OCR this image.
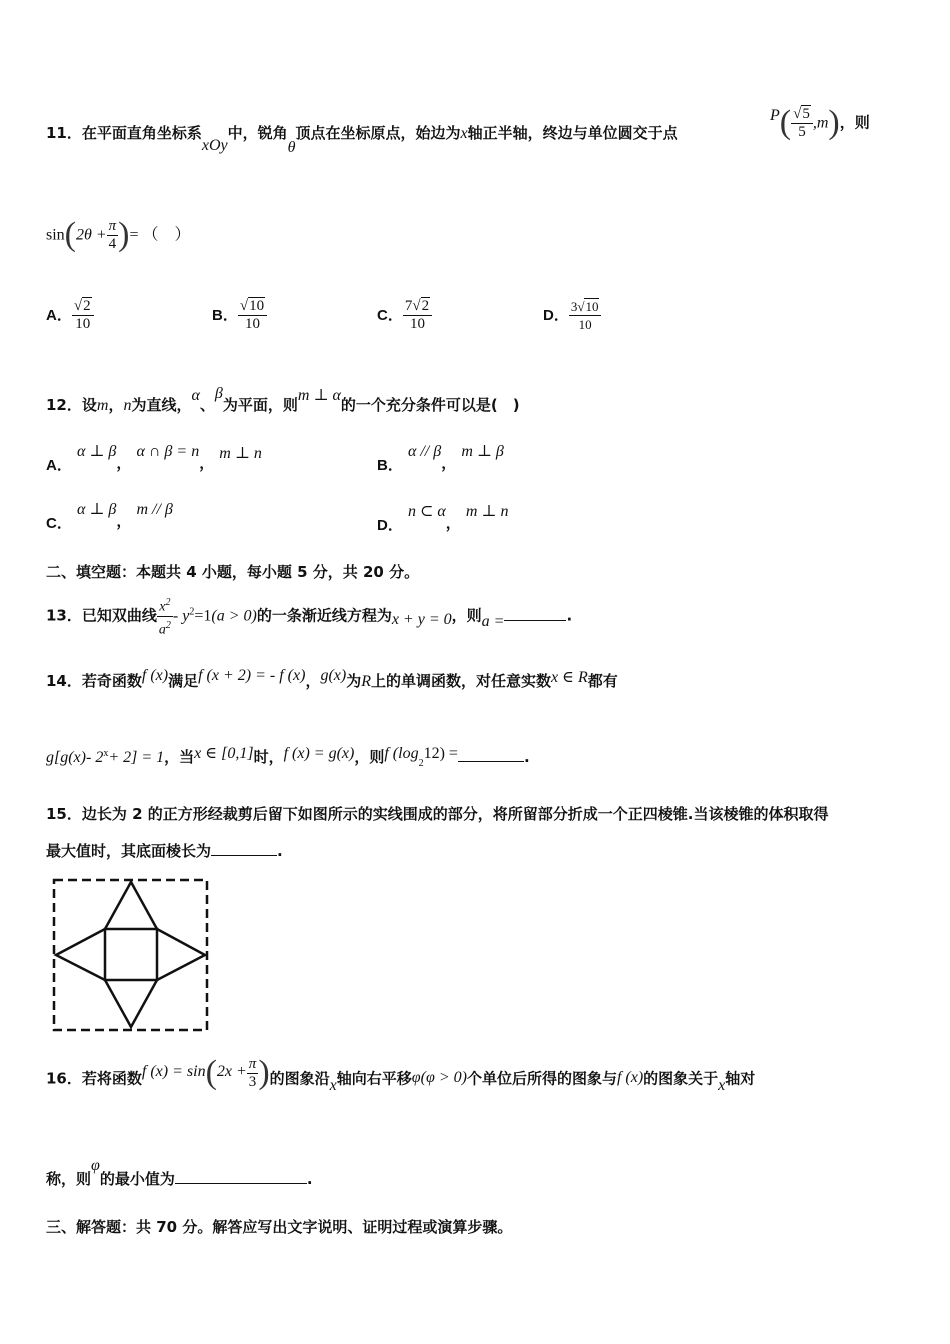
11．在平面直角坐标系xOy中，锐角θ顶点在坐标原点，始边为x轴正半轴，终边与单位圆交于点
$P( \frac{√5}{5} ,m)$，则
$\sin(2\theta + \frac{\pi}{4}$ )= （　）
A． $\frac{√2}{10}$	B． $\frac{√10}{10}$	C． $\frac{7√2}{10}$	D． $\frac{3√10}{10}$
12．设m，n为直线，α、β为平面，则m ⊥ α的一个充分条件可以是(　)
A． α ⊥ β， α ∩ β = n， m ⊥ n
B． α // β， m ⊥ β
C． α ⊥ β， m // β
D． n ⊂ α， m ⊥ n
二、填空题：本题共 4 小题，每小题 5 分，共 20 分。
13．已知双曲线 $\frac{x^2}{a^2} - y^2=1(a > 0)$的一条渐近线方程为x + y = 0，则a =	.
14．若奇函数f (x)满足f (x + 2) = - f (x)，g(x)为R上的单调函数，对任意实数x ∈ R都有
g[g(x)- $2^x+ 2] = 1$，当x ∈ [0,1]时，f (x) = g(x)，则f $(\log_212)$ =	.
15．边长为 2 的正方形经裁剪后留下如图所示的实线围成的部分，将所留部分折成一个正四棱锥.当该棱锥的体积取得
最大值时，其底面棱长为	.
16．若将函数f $(x) = \sin(2x + \frac{\pi}{3}$ )的图象沿x轴向右平移φ(φ > 0)个单位后所得的图象与f (x)的图象关于x轴对
称，则φ的最小值为	.
三、解答题：共 70 分。解答应写出文字说明、证明过程或演算步骤。
